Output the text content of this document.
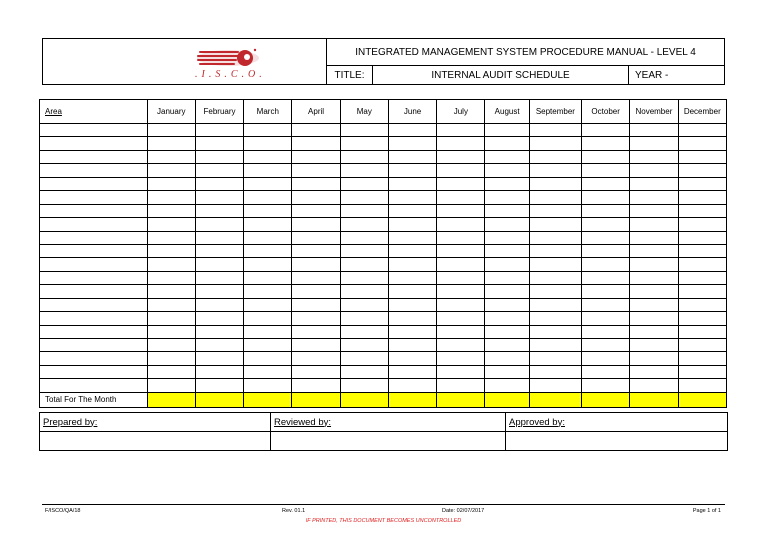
.I.S.C.O.
INTEGRATED MANAGEMENT SYSTEM PROCEDURE MANUAL - LEVEL 4
TITLE:	INTERNAL AUDIT SCHEDULE	YEAR -
Area	January	February	March	April	May	June	July	August	September	October	November	December

Total For The Month												
Prepared by:	Reviewed by:	Approved by:

F/ISCO/QA/18	Rev. 01.1	Date: 02/07/2017	Page 1 of 1
IF PRINTED, THIS DOCUMENT BECOMES UNCONTROLLED
